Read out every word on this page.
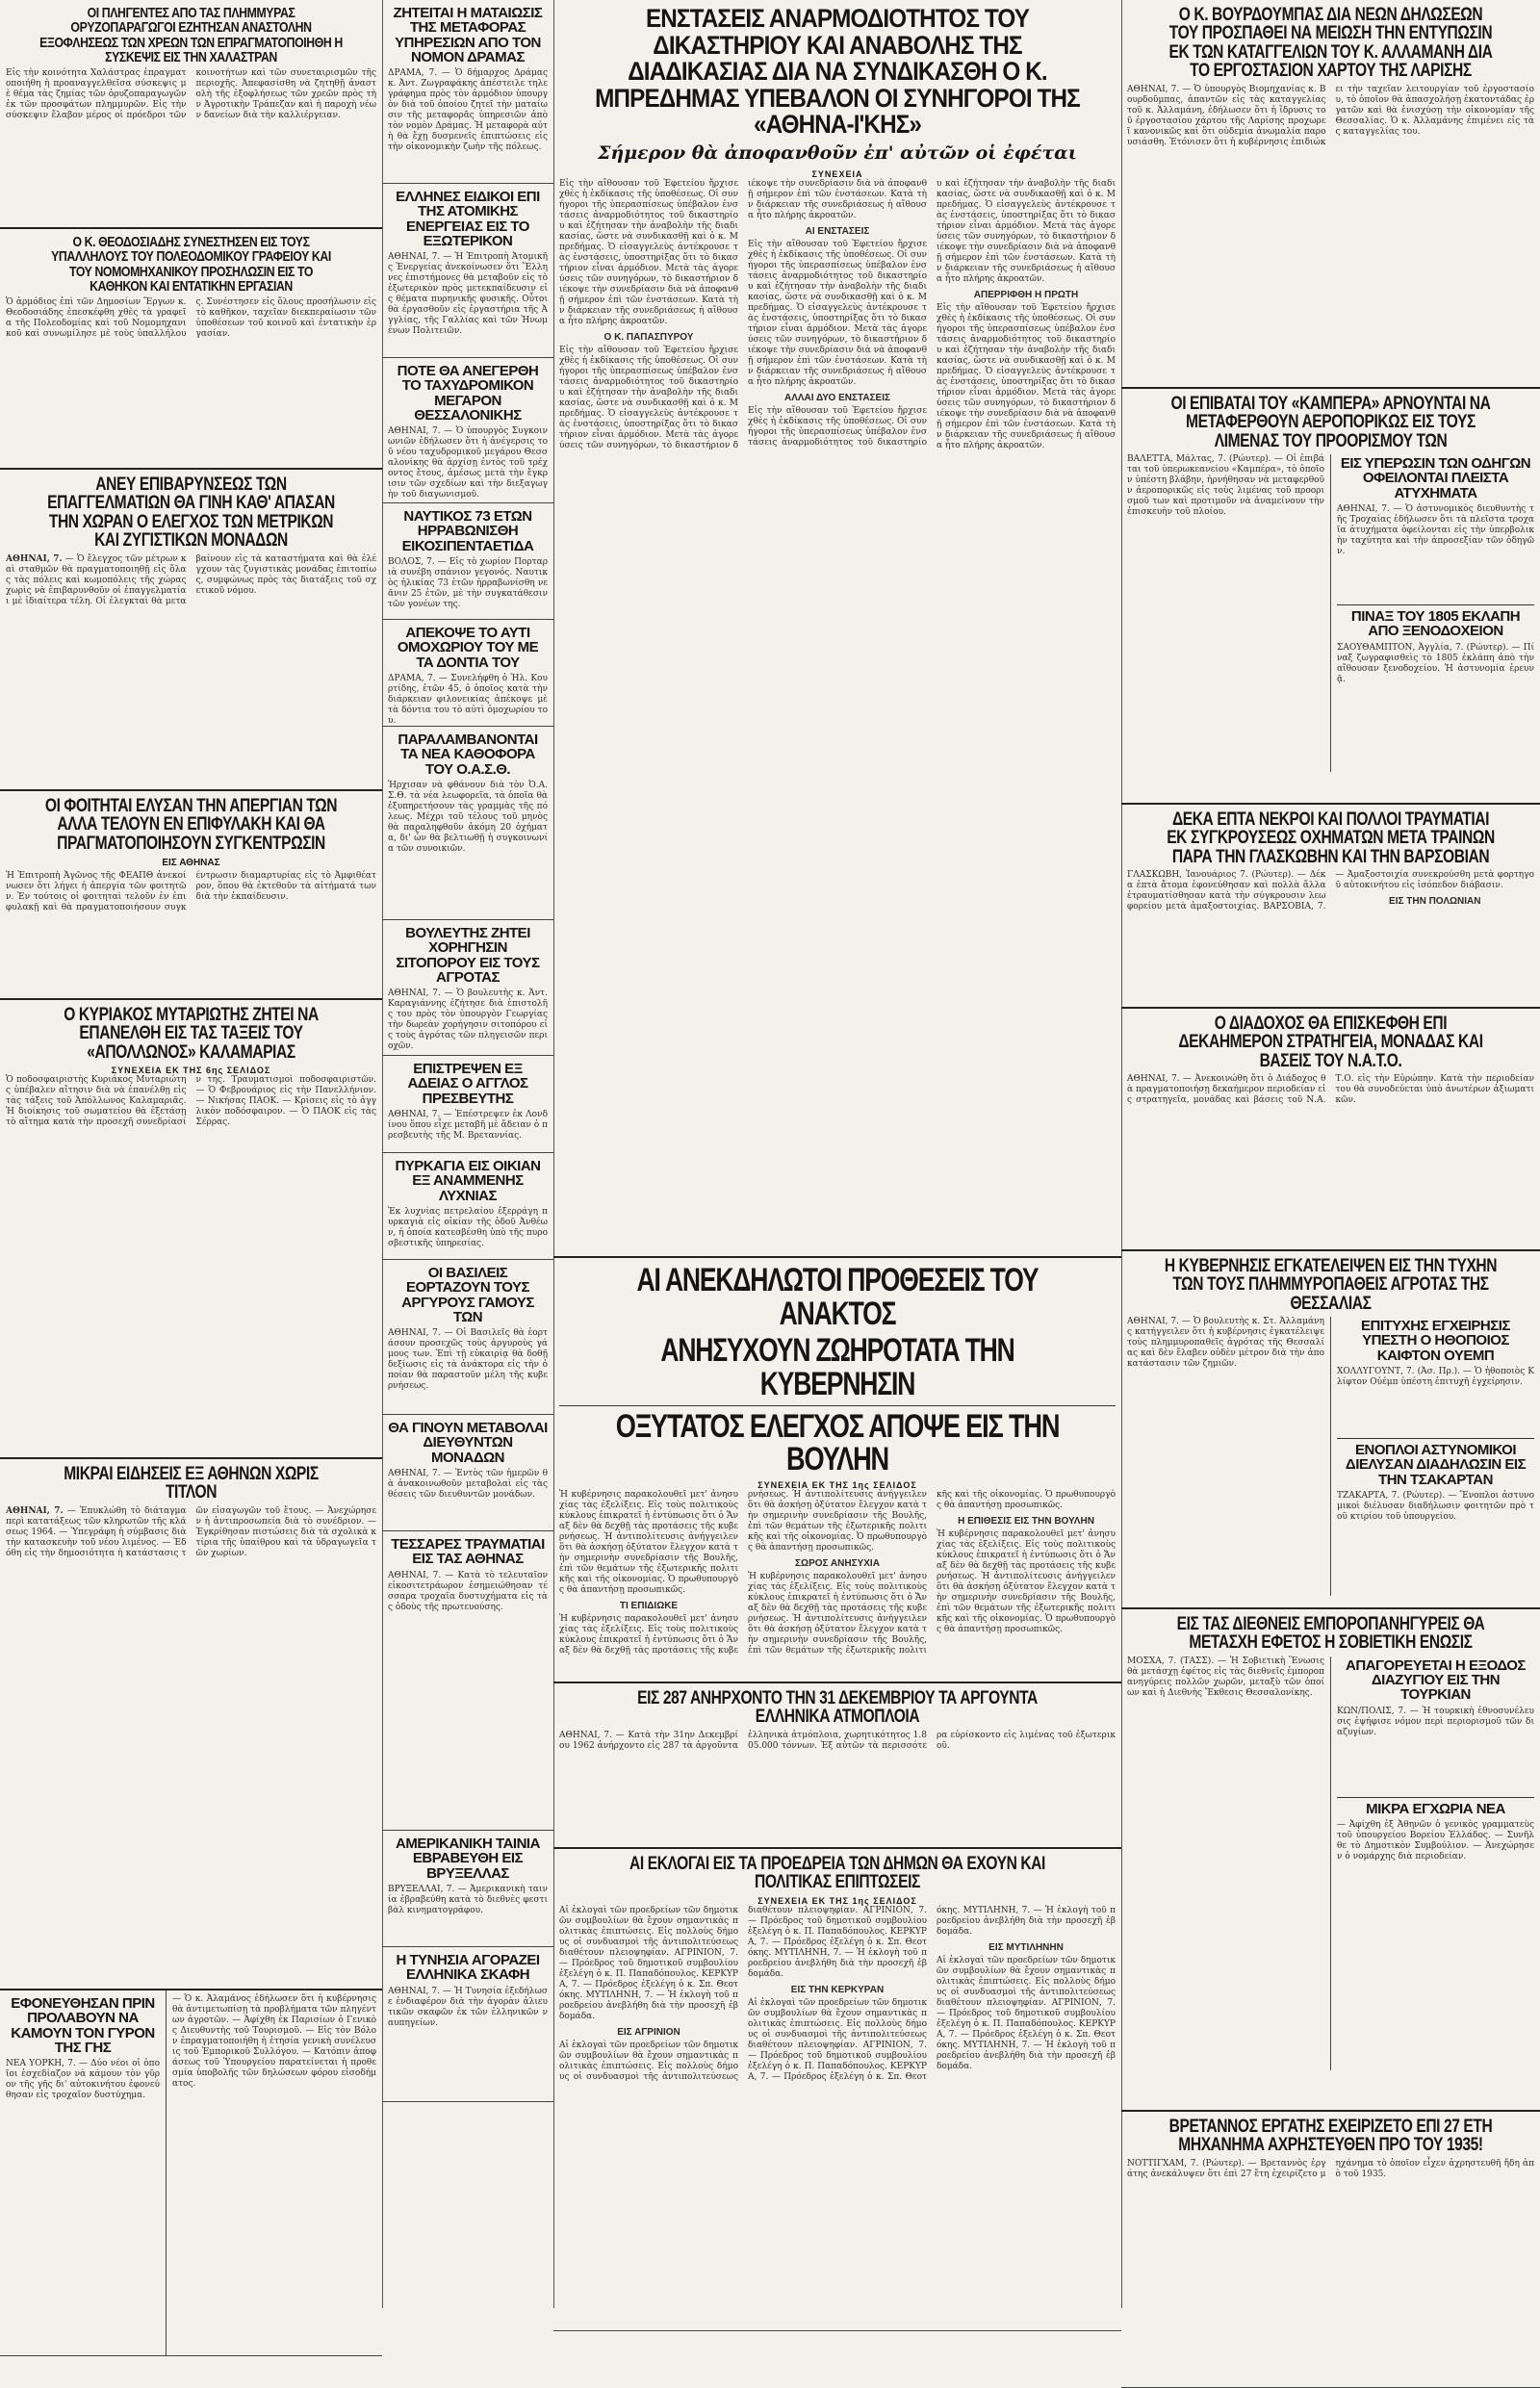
ΟΙ ΠΛΗΓΕΝΤΕΣ ΑΠΟ ΤΑΣ ΠΛΗΜΜΥΡΑΣ ΟΡΥΖΟΠΑΡΑΓΩΓΟΙ ΕΖΗΤΗΣΑΝ ΑΝΑΣΤΟΛΗΝ ΕΞΟΦΛΗΣΕΩΣ ΤΩΝ ΧΡΕΩΝ ΤΩΝ ΕΠΡΑΓΜΑΤΟΠΟΙΗΘΗ Η ΣΥΣΚΕΨΙΣ ΕΙΣ ΤΗΝ ΧΑΛΑΣΤΡΑΝ
Εἰς τὴν κοινότητα Χαλάστρας ἐπραγματοποιήθη ἡ προαναγγελθεῖσα σύσκεψις μὲ θέμα τὰς ζημίας τῶν ὀρυζοπαραγωγῶν ἐκ τῶν προσφάτων πλημμυρῶν. Εἰς τὴν σύσκεψιν ἔλαβον μέρος οἱ πρόεδροι τῶν κοινοτήτων καὶ τῶν συνεταιρισμῶν τῆς περιοχῆς. Ἀπεφασίσθη νὰ ζητηθῇ ἀναστολὴ τῆς ἐξοφλήσεως τῶν χρεῶν πρὸς τὴν Ἀγροτικὴν Τράπεζαν καὶ ἡ παροχὴ νέων δανείων διὰ τὴν καλλιέργειαν.
Ο Κ. ΘΕΟΔΟΣΙΑΔΗΣ ΣΥΝΕΣΤΗΣΕΝ ΕΙΣ ΤΟΥΣ ΥΠΑΛΛΗΛΟΥΣ ΤΟΥ ΠΟΛΕΟΔΟΜΙΚΟΥ ΓΡΑΦΕΙΟΥ ΚΑΙ ΤΟΥ ΝΟΜΟΜΗΧΑΝΙΚΟΥ ΠΡΟΣΗΛΩΣΙΝ ΕΙΣ ΤΟ ΚΑΘΗΚΟΝ ΚΑΙ ΕΝΤΑΤΙΚΗΝ ΕΡΓΑΣΙΑΝ
Ὁ ἀρμόδιος ἐπὶ τῶν Δημοσίων Ἔργων κ. Θεοδοσιάδης ἐπεσκέφθη χθὲς τὰ γραφεῖα τῆς Πολεοδομίας καὶ τοῦ Νομομηχανικοῦ καὶ συνωμίλησε μὲ τοὺς ὑπαλλήλους. Συνέστησεν εἰς ὅλους προσήλωσιν εἰς τὸ καθῆκον, ταχεῖαν διεκπεραίωσιν τῶν ὑποθέσεων τοῦ κοινοῦ καὶ ἐντατικὴν ἐργασίαν.
ΑΝΕΥ ΕΠΙΒΑΡΥΝΣΕΩΣ ΤΩΝ ΕΠΑΓΓΕΛΜΑΤΙΩΝ ΘΑ ΓΙΝΗ ΚΑΘ' ΑΠΑΣΑΝ ΤΗΝ ΧΩΡΑΝ Ο ΕΛΕΓΧΟΣ ΤΩΝ ΜΕΤΡΙΚΩΝ ΚΑΙ ΖΥΓΙΣΤΙΚΩΝ ΜΟΝΑΔΩΝ
ΑΘΗΝΑΙ, 7. — Ὁ ἔλεγχος τῶν μέτρων καὶ σταθμῶν θὰ πραγματοποιηθῇ εἰς ὅλας τὰς πόλεις καὶ κωμοπόλεις τῆς χώρας χωρὶς νὰ ἐπιβαρυνθοῦν οἱ ἐπαγγελματίαι μὲ ἰδιαίτερα τέλη. Οἱ ἐλεγκταὶ θὰ μεταβαίνουν εἰς τὰ καταστήματα καὶ θὰ ἐλέγχουν τὰς ζυγιστικὰς μονάδας ἐπιτοπίως, συμφώνως πρὸς τὰς διατάξεις τοῦ σχετικοῦ νόμου.
ΟΙ ΦΟΙΤΗΤΑΙ ΕΛΥΣΑΝ ΤΗΝ ΑΠΕΡΓΙΑΝ ΤΩΝ ΑΛΛΑ ΤΕΛΟΥΝ ΕΝ ΕΠΙΦΥΛΑΚΗ ΚΑΙ ΘΑ ΠΡΑΓΜΑΤΟΠΟΙΗΣΟΥΝ ΣΥΓΚΕΝΤΡΩΣΙΝ
ΕΙΣ ΑΘΗΝΑΣ
Ἡ Ἐπιτροπὴ Ἀγῶνος τῆς ΦΕΑΠΘ ἀνεκοίνωσεν ὅτι λήγει ἡ ἀπεργία τῶν φοιτητῶν. Ἐν τούτοις οἱ φοιτηταὶ τελοῦν ἐν ἐπιφυλακῇ καὶ θὰ πραγματοποιήσουν συγκέντρωσιν διαμαρτυρίας εἰς τὸ Ἀμφιθέατρον, ὅπου θὰ ἐκτεθοῦν τὰ αἰτήματά των διὰ τὴν ἐκπαίδευσιν.
Ο ΚΥΡΙΑΚΟΣ ΜΥΤΑΡΙΩΤΗΣ ΖΗΤΕΙ ΝΑ ΕΠΑΝΕΛΘΗ ΕΙΣ ΤΑΣ ΤΑΞΕΙΣ ΤΟΥ «ΑΠΟΛΛΩΝΟΣ» ΚΑΛΑΜΑΡΙΑΣ
ΣΥΝΕΧΕΙΑ ΕΚ ΤΗΣ 6ης ΣΕΛΙΔΟΣ
Ὁ ποδοσφαιριστὴς Κυριάκος Μυταριώτης ὑπέβαλεν αἴτησιν διὰ νὰ ἐπανέλθῃ εἰς τὰς τάξεις τοῦ Ἀπόλλωνος Καλαμαριᾶς. Ἡ διοίκησις τοῦ σωματείου θὰ ἐξετάσῃ τὸ αἴτημα κατὰ τὴν προσεχῆ συνεδρίασίν της. Τραυματισμοὶ ποδοσφαιριστῶν. — Ὁ Φεβρουάριος εἰς τὴν Πανελλήνιον. — Νικήσας ΠΑΟΚ. — Κρίσεις εἰς τὸ ἀγγλικὸν ποδόσφαιρον. — Ὁ ΠΑΟΚ εἰς τὰς Σέρρας.
ΜΙΚΡΑΙ ΕΙΔΗΣΕΙΣ ΕΞ ΑΘΗΝΩΝ ΧΩΡΙΣ ΤΙΤΛΟΝ
ΑΘΗΝΑΙ, 7. — Ἐπυκλώθη τὸ διάταγμα περὶ κατατάξεως τῶν κληρωτῶν τῆς κλάσεως 1964. — Ὑπεγράφη ἡ σύμβασις διὰ τὴν κατασκευὴν τοῦ νέου λιμένος. — Ἐδόθη εἰς τὴν δημοσιότητα ἡ κατάστασις τῶν εἰσαγωγῶν τοῦ ἔτους. — Ἀνεχώρησεν ἡ ἀντιπροσωπεία διὰ τὸ συνέδριον. — Ἐγκρίθησαν πιστώσεις διὰ τὰ σχολικὰ κτίρια τῆς ὑπαίθρου καὶ τὰ ὑδραγωγεῖα τῶν χωρίων.
ΕΦΟΝΕΥΘΗΣΑΝ ΠΡΙΝ ΠΡΟΛΑΒΟΥΝ ΝΑ ΚΑΜΟΥΝ ΤΟΝ ΓΥΡΟΝ ΤΗΣ ΓΗΣ
ΝΕΑ ΥΟΡΚΗ, 7. — Δύο νέοι οἱ ὁποῖοι ἐσχεδίαζον νὰ κάμουν τὸν γῦρον τῆς γῆς δι' αὐτοκινήτου ἐφονεύθησαν εἰς τροχαῖον δυστύχημα.
— Ὁ κ. Ἀλαμάνος ἐδήλωσεν ὅτι ἡ κυβέρνησις θὰ ἀντιμετωπίσῃ τὰ προβλήματα τῶν πληγέντων ἀγροτῶν. — Ἀφίχθη ἐκ Παρισίων ὁ Γενικὸς Διευθυντὴς τοῦ Τουρισμοῦ. — Εἰς τὸν Βόλον ἐπραγματοποιήθη ἡ ἐτησία γενικὴ συνέλευσις τοῦ Ἐμπορικοῦ Συλλόγου. — Κατόπιν ἀποφάσεως τοῦ Ὑπουργείου παρατείνεται ἡ προθεσμία ὑποβολῆς τῶν δηλώσεων φόρου εἰσοδήματος.
ΖΗΤΕΙΤΑΙ Η ΜΑΤΑΙΩΣΙΣ ΤΗΣ ΜΕΤΑΦΟΡΑΣ ΥΠΗΡΕΣΙΩΝ ΑΠΟ ΤΟΝ ΝΟΜΟΝ ΔΡΑΜΑΣ
ΔΡΑΜΑ, 7. — Ὁ δήμαρχος Δράμας κ. Ἀντ. Ζωγραφάκης ἀπέστειλε τηλεγράφημα πρὸς τὸν ἀρμόδιον ὑπουργὸν διὰ τοῦ ὁποίου ζητεῖ τὴν ματαίωσιν τῆς μεταφορᾶς ὑπηρεσιῶν ἀπὸ τὸν νομὸν Δράμας. Ἡ μεταφορὰ αὐτὴ θὰ ἔχῃ δυσμενεῖς ἐπιπτώσεις εἰς τὴν οἰκονομικὴν ζωὴν τῆς πόλεως.
ΕΛΛΗΝΕΣ ΕΙΔΙΚΟΙ ΕΠΙ ΤΗΣ ΑΤΟΜΙΚΗΣ ΕΝΕΡΓΕΙΑΣ ΕΙΣ ΤΟ ΕΞΩΤΕΡΙΚΟΝ
ΑΘΗΝΑΙ, 7. — Ἡ Ἐπιτροπὴ Ἀτομικῆς Ἐνεργείας ἀνεκοίνωσεν ὅτι Ἕλληνες ἐπιστήμονες θὰ μεταβοῦν εἰς τὸ ἐξωτερικὸν πρὸς μετεκπαίδευσιν εἰς θέματα πυρηνικῆς φυσικῆς. Οὗτοι θὰ ἐργασθοῦν εἰς ἐργαστήρια τῆς Ἀγγλίας, τῆς Γαλλίας καὶ τῶν Ἡνωμένων Πολιτειῶν.
ΠΟΤΕ ΘΑ ΑΝΕΓΕΡΘΗ ΤΟ ΤΑΧΥΔΡΟΜΙΚΟΝ ΜΕΓΑΡΟΝ ΘΕΣΣΑΛΟΝΙΚΗΣ
ΑΘΗΝΑΙ, 7. — Ὁ ὑπουργὸς Συγκοινωνιῶν ἐδήλωσεν ὅτι ἡ ἀνέγερσις τοῦ νέου ταχυδρομικοῦ μεγάρου Θεσσαλονίκης θὰ ἀρχίσῃ ἐντὸς τοῦ τρέχοντος ἔτους, ἀμέσως μετὰ τὴν ἔγκρισιν τῶν σχεδίων καὶ τὴν διεξαγωγὴν τοῦ διαγωνισμοῦ.
ΝΑΥΤΙΚΟΣ 73 ΕΤΩΝ ΗΡΡΑΒΩΝΙΣΘΗ ΕΙΚΟΣΙΠΕΝΤΑΕΤΙΔΑ
ΒΟΛΟΣ, 7. — Εἰς τὸ χωρίον Πορταριὰ συνέβη σπάνιον γεγονός. Ναυτικὸς ἡλικίας 73 ἐτῶν ἠρραβωνίσθη νεᾶνιν 25 ἐτῶν, μὲ τὴν συγκατάθεσιν τῶν γονέων της.
ΑΠΕΚΟΨΕ ΤΟ ΑΥΤΙ ΟΜΟΧΩΡΙΟΥ ΤΟΥ ΜΕ ΤΑ ΔΟΝΤΙΑ ΤΟΥ
ΔΡΑΜΑ, 7. — Συνελήφθη ὁ Ἠλ. Κουρτίδης, ἐτῶν 45, ὁ ὁποῖος κατὰ τὴν διάρκειαν φιλονεικίας ἀπέκοψε μὲ τὰ δόντια του τὸ αὐτὶ ὁμοχωρίου του.
ΠΑΡΑΛΑΜΒΑΝΟΝΤΑΙ ΤΑ ΝΕΑ ΚΑΘΟΦΟΡΑ ΤΟΥ Ο.Α.Σ.Θ.
Ἠρχισαν νὰ φθάνουν διὰ τὸν Ὀ.Α.Σ.Θ. τὰ νέα λεωφορεῖα, τὰ ὁποῖα θὰ ἐξυπηρετήσουν τὰς γραμμὰς τῆς πόλεως. Μέχρι τοῦ τέλους τοῦ μηνὸς θὰ παραληφθοῦν ἀκόμη 20 ὀχήματα, δι' ὧν θὰ βελτιωθῇ ἡ συγκοινωνία τῶν συνοικιῶν.
ΒΟΥΛΕΥΤΗΣ ΖΗΤΕΙ ΧΟΡΗΓΗΣΙΝ ΣΙΤΟΠΟΡΟΥ ΕΙΣ ΤΟΥΣ ΑΓΡΟΤΑΣ
ΑΘΗΝΑΙ, 7. — Ὁ βουλευτὴς κ. Ἀντ. Καραγιάννης ἐζήτησε διὰ ἐπιστολῆς του πρὸς τὸν ὑπουργὸν Γεωργίας τὴν δωρεὰν χορήγησιν σιτοπόρου εἰς τοὺς ἀγρότας τῶν πληγεισῶν περιοχῶν.
ΕΠΙΣΤΡΕΨΕΝ ΕΞ ΑΔΕΙΑΣ Ο ΑΓΓΛΟΣ ΠΡΕΣΒΕΥΤΗΣ
ΑΘΗΝΑΙ, 7. — Ἐπέστρεψεν ἐκ Λονδίνου ὅπου εἶχε μεταβῆ μὲ ἄδειαν ὁ πρεσβευτὴς τῆς Μ. Βρεταννίας.
ΠΥΡΚΑΓΙΑ ΕΙΣ ΟΙΚΙΑΝ ΕΞ ΑΝΑΜΜΕΝΗΣ ΛΥΧΝΙΑΣ
Ἐκ λυχνίας πετρελαίου ἐξερράγη πυρκαγιὰ εἰς οἰκίαν τῆς ὁδοῦ Ἀνθέων, ἡ ὁποία κατεσβέσθη ὑπὸ τῆς πυροσβεστικῆς ὑπηρεσίας.
ΟΙ ΒΑΣΙΛΕΙΣ ΕΟΡΤΑΖΟΥΝ ΤΟΥΣ ΑΡΓΥΡΟΥΣ ΓΑΜΟΥΣ ΤΩΝ
ΑΘΗΝΑΙ, 7. — Οἱ Βασιλεῖς θὰ ἑορτάσουν προσεχῶς τοὺς ἀργυροὺς γάμους των. Ἐπὶ τῇ εὐκαιρίᾳ θὰ δοθῇ δεξίωσις εἰς τὰ ἀνάκτορα εἰς τὴν ὁποίαν θὰ παραστοῦν μέλη τῆς κυβερνήσεως.
ΘΑ ΓΙΝΟΥΝ ΜΕΤΑΒΟΛΑΙ ΔΙΕΥΘΥΝΤΩΝ ΜΟΝΑΔΩΝ
ΑΘΗΝΑΙ, 7. — Ἐντὸς τῶν ἡμερῶν θὰ ἀνακοινωθοῦν μεταβολαὶ εἰς τὰς θέσεις τῶν διευθυντῶν μονάδων.
ΤΕΣΣΑΡΕΣ ΤΡΑΥΜΑΤΙΑΙ ΕΙΣ ΤΑΣ ΑΘΗΝΑΣ
ΑΘΗΝΑΙ, 7. — Κατὰ τὸ τελευταῖον εἰκοσιτετράωρον ἐσημειώθησαν τέσσαρα τροχαῖα δυστυχήματα εἰς τὰς ὁδοὺς τῆς πρωτευούσης.
ΑΜΕΡΙΚΑΝΙΚΗ ΤΑΙΝΙΑ ΕΒΡΑΒΕΥΘΗ ΕΙΣ ΒΡΥΞΕΛΛΑΣ
ΒΡΥΞΕΛΛΑΙ, 7. — Ἀμερικανικὴ ταινία ἐβραβεύθη κατὰ τὸ διεθνὲς φεστιβὰλ κινηματογράφου.
Η ΤΥΝΗΣΙΑ ΑΓΟΡΑΖΕΙ ΕΛΛΗΝΙΚΑ ΣΚΑΦΗ
ΑΘΗΝΑΙ, 7. — Ἡ Τυνησία ἐξεδήλωσε ἐνδιαφέρον διὰ τὴν ἀγορὰν ἁλιευτικῶν σκαφῶν ἐκ τῶν ἑλληνικῶν ναυπηγείων.
ΕΝΣΤΑΣΕΙΣ ΑΝΑΡΜΟΔΙΟΤΗΤΟΣ ΤΟΥ ΔΙΚΑΣΤΗΡΙΟΥ ΚΑΙ ΑΝΑΒΟΛΗΣ ΤΗΣ ΔΙΑΔΙΚΑΣΙΑΣ ΔΙΑ ΝΑ ΣΥΝΔΙΚΑΣΘΗ Ο Κ. ΜΠΡΕΔΗΜΑΣ ΥΠΕΒΑΛΟΝ ΟΙ ΣΥΝΗΓΟΡΟΙ ΤΗΣ «ΑΘΗΝΑ-Ι'ΚΗΣ»
Σήμερον θὰ ἀποφανθοῦν ἐπ' αὐτῶν οἱ ἐφέται
ΣΥΝΕΧΕΙΑ
Εἰς τὴν αἴθουσαν τοῦ Ἐφετείου ἤρχισε χθὲς ἡ ἐκδίκασις τῆς ὑποθέσεως. Οἱ συνήγοροι τῆς ὑπερασπίσεως ὑπέβαλον ἐνστάσεις ἀναρμοδιότητος τοῦ δικαστηρίου καὶ ἐζήτησαν τὴν ἀναβολὴν τῆς διαδικασίας, ὥστε νὰ συνδικασθῇ καὶ ὁ κ. Μπρεδήμας. Ὁ εἰσαγγελεὺς ἀντέκρουσε τὰς ἐνστάσεις, ὑποστηρίξας ὅτι τὸ δικαστήριον εἶναι ἁρμόδιον. Μετὰ τὰς ἀγορεύσεις τῶν συνηγόρων, τὸ δικαστήριον διέκοψε τὴν συνεδρίασιν διὰ νὰ ἀποφανθῇ σήμερον ἐπὶ τῶν ἐνστάσεων. Κατὰ τὴν διάρκειαν τῆς συνεδριάσεως ἡ αἴθουσα ἦτο πλήρης ἀκροατῶν.
Ο Κ. ΠΑΠΑΣΠΥΡΟΥ
Εἰς τὴν αἴθουσαν τοῦ Ἐφετείου ἤρχισε χθὲς ἡ ἐκδίκασις τῆς ὑποθέσεως. Οἱ συνήγοροι τῆς ὑπερασπίσεως ὑπέβαλον ἐνστάσεις ἀναρμοδιότητος τοῦ δικαστηρίου καὶ ἐζήτησαν τὴν ἀναβολὴν τῆς διαδικασίας, ὥστε νὰ συνδικασθῇ καὶ ὁ κ. Μπρεδήμας. Ὁ εἰσαγγελεὺς ἀντέκρουσε τὰς ἐνστάσεις, ὑποστηρίξας ὅτι τὸ δικαστήριον εἶναι ἁρμόδιον. Μετὰ τὰς ἀγορεύσεις τῶν συνηγόρων, τὸ δικαστήριον διέκοψε τὴν συνεδρίασιν διὰ νὰ ἀποφανθῇ σήμερον ἐπὶ τῶν ἐνστάσεων. Κατὰ τὴν διάρκειαν τῆς συνεδριάσεως ἡ αἴθουσα ἦτο πλήρης ἀκροατῶν.
ΑΙ ΕΝΣΤΑΣΕΙΣ
Εἰς τὴν αἴθουσαν τοῦ Ἐφετείου ἤρχισε χθὲς ἡ ἐκδίκασις τῆς ὑποθέσεως. Οἱ συνήγοροι τῆς ὑπερασπίσεως ὑπέβαλον ἐνστάσεις ἀναρμοδιότητος τοῦ δικαστηρίου καὶ ἐζήτησαν τὴν ἀναβολὴν τῆς διαδικασίας, ὥστε νὰ συνδικασθῇ καὶ ὁ κ. Μπρεδήμας. Ὁ εἰσαγγελεὺς ἀντέκρουσε τὰς ἐνστάσεις, ὑποστηρίξας ὅτι τὸ δικαστήριον εἶναι ἁρμόδιον. Μετὰ τὰς ἀγορεύσεις τῶν συνηγόρων, τὸ δικαστήριον διέκοψε τὴν συνεδρίασιν διὰ νὰ ἀποφανθῇ σήμερον ἐπὶ τῶν ἐνστάσεων. Κατὰ τὴν διάρκειαν τῆς συνεδριάσεως ἡ αἴθουσα ἦτο πλήρης ἀκροατῶν.
ΑΛΛΑΙ ΔΥΟ ΕΝΣΤΑΣΕΙΣ
Εἰς τὴν αἴθουσαν τοῦ Ἐφετείου ἤρχισε χθὲς ἡ ἐκδίκασις τῆς ὑποθέσεως. Οἱ συνήγοροι τῆς ὑπερασπίσεως ὑπέβαλον ἐνστάσεις ἀναρμοδιότητος τοῦ δικαστηρίου καὶ ἐζήτησαν τὴν ἀναβολὴν τῆς διαδικασίας, ὥστε νὰ συνδικασθῇ καὶ ὁ κ. Μπρεδήμας. Ὁ εἰσαγγελεὺς ἀντέκρουσε τὰς ἐνστάσεις, ὑποστηρίξας ὅτι τὸ δικαστήριον εἶναι ἁρμόδιον. Μετὰ τὰς ἀγορεύσεις τῶν συνηγόρων, τὸ δικαστήριον διέκοψε τὴν συνεδρίασιν διὰ νὰ ἀποφανθῇ σήμερον ἐπὶ τῶν ἐνστάσεων. Κατὰ τὴν διάρκειαν τῆς συνεδριάσεως ἡ αἴθουσα ἦτο πλήρης ἀκροατῶν.
ΑΠΕΡΡΙΦΘΗ Η ΠΡΩΤΗ
Εἰς τὴν αἴθουσαν τοῦ Ἐφετείου ἤρχισε χθὲς ἡ ἐκδίκασις τῆς ὑποθέσεως. Οἱ συνήγοροι τῆς ὑπερασπίσεως ὑπέβαλον ἐνστάσεις ἀναρμοδιότητος τοῦ δικαστηρίου καὶ ἐζήτησαν τὴν ἀναβολὴν τῆς διαδικασίας, ὥστε νὰ συνδικασθῇ καὶ ὁ κ. Μπρεδήμας. Ὁ εἰσαγγελεὺς ἀντέκρουσε τὰς ἐνστάσεις, ὑποστηρίξας ὅτι τὸ δικαστήριον εἶναι ἁρμόδιον. Μετὰ τὰς ἀγορεύσεις τῶν συνηγόρων, τὸ δικαστήριον διέκοψε τὴν συνεδρίασιν διὰ νὰ ἀποφανθῇ σήμερον ἐπὶ τῶν ἐνστάσεων. Κατὰ τὴν διάρκειαν τῆς συνεδριάσεως ἡ αἴθουσα ἦτο πλήρης ἀκροατῶν.
ΑΙ ΑΝΕΚΔΗΛΩΤΟΙ ΠΡΟΘΕΣΕΙΣ ΤΟΥ ΑΝΑΚΤΟΣ
ΑΝΗΣΥΧΟΥΝ ΖΩΗΡΟΤΑΤΑ ΤΗΝ ΚΥΒΕΡΝΗΣΙΝ
ΟΞΥΤΑΤΟΣ ΕΛΕΓΧΟΣ ΑΠΟΨΕ ΕΙΣ ΤΗΝ ΒΟΥΛΗΝ
ΣΥΝΕΧΕΙΑ ΕΚ ΤΗΣ 1ης ΣΕΛΙΔΟΣ
Ἡ κυβέρνησις παρακολουθεῖ μετ' ἀνησυχίας τὰς ἐξελίξεις. Εἰς τοὺς πολιτικοὺς κύκλους ἐπικρατεῖ ἡ ἐντύπωσις ὅτι ὁ Ἄναξ δὲν θὰ δεχθῇ τὰς προτάσεις τῆς κυβερνήσεως. Ἡ ἀντιπολίτευσις ἀνήγγειλεν ὅτι θὰ ἀσκήσῃ ὀξύτατον ἔλεγχον κατὰ τὴν σημερινὴν συνεδρίασιν τῆς Βουλῆς, ἐπὶ τῶν θεμάτων τῆς ἐξωτερικῆς πολιτικῆς καὶ τῆς οἰκονομίας. Ὁ πρωθυπουργὸς θὰ ἀπαντήσῃ προσωπικῶς.
ΤΙ ΕΠΙΔΙΩΚΕ
Ἡ κυβέρνησις παρακολουθεῖ μετ' ἀνησυχίας τὰς ἐξελίξεις. Εἰς τοὺς πολιτικοὺς κύκλους ἐπικρατεῖ ἡ ἐντύπωσις ὅτι ὁ Ἄναξ δὲν θὰ δεχθῇ τὰς προτάσεις τῆς κυβερνήσεως. Ἡ ἀντιπολίτευσις ἀνήγγειλεν ὅτι θὰ ἀσκήσῃ ὀξύτατον ἔλεγχον κατὰ τὴν σημερινὴν συνεδρίασιν τῆς Βουλῆς, ἐπὶ τῶν θεμάτων τῆς ἐξωτερικῆς πολιτικῆς καὶ τῆς οἰκονομίας. Ὁ πρωθυπουργὸς θὰ ἀπαντήσῃ προσωπικῶς.
ΣΩΡΟΣ ΑΝΗΣΥΧΙΑ
Ἡ κυβέρνησις παρακολουθεῖ μετ' ἀνησυχίας τὰς ἐξελίξεις. Εἰς τοὺς πολιτικοὺς κύκλους ἐπικρατεῖ ἡ ἐντύπωσις ὅτι ὁ Ἄναξ δὲν θὰ δεχθῇ τὰς προτάσεις τῆς κυβερνήσεως. Ἡ ἀντιπολίτευσις ἀνήγγειλεν ὅτι θὰ ἀσκήσῃ ὀξύτατον ἔλεγχον κατὰ τὴν σημερινὴν συνεδρίασιν τῆς Βουλῆς, ἐπὶ τῶν θεμάτων τῆς ἐξωτερικῆς πολιτικῆς καὶ τῆς οἰκονομίας. Ὁ πρωθυπουργὸς θὰ ἀπαντήσῃ προσωπικῶς.
Η ΕΠΙΘΕΣΙΣ ΕΙΣ ΤΗΝ ΒΟΥΛΗΝ
Ἡ κυβέρνησις παρακολουθεῖ μετ' ἀνησυχίας τὰς ἐξελίξεις. Εἰς τοὺς πολιτικοὺς κύκλους ἐπικρατεῖ ἡ ἐντύπωσις ὅτι ὁ Ἄναξ δὲν θὰ δεχθῇ τὰς προτάσεις τῆς κυβερνήσεως. Ἡ ἀντιπολίτευσις ἀνήγγειλεν ὅτι θὰ ἀσκήσῃ ὀξύτατον ἔλεγχον κατὰ τὴν σημερινὴν συνεδρίασιν τῆς Βουλῆς, ἐπὶ τῶν θεμάτων τῆς ἐξωτερικῆς πολιτικῆς καὶ τῆς οἰκονομίας. Ὁ πρωθυπουργὸς θὰ ἀπαντήσῃ προσωπικῶς.
ΕΙΣ 287 ΑΝΗΡΧΟΝΤΟ ΤΗΝ 31 ΔΕΚΕΜΒΡΙΟΥ ΤΑ ΑΡΓΟΥΝΤΑ ΕΛΛΗΝΙΚΑ ΑΤΜΟΠΛΟΙΑ
ΑΘΗΝΑΙ, 7. — Κατὰ τὴν 31ην Δεκεμβρίου 1962 ἀνήρχοντο εἰς 287 τὰ ἀργοῦντα ἑλληνικὰ ἀτμόπλοια, χωρητικότητος 1.805.000 τόννων. Ἐξ αὐτῶν τὰ περισσότερα εὑρίσκοντο εἰς λιμένας τοῦ ἐξωτερικοῦ.
ΑΙ ΕΚΛΟΓΑΙ ΕΙΣ ΤΑ ΠΡΟΕΔΡΕΙΑ ΤΩΝ ΔΗΜΩΝ ΘΑ ΕΧΟΥΝ ΚΑΙ ΠΟΛΙΤΙΚΑΣ ΕΠΙΠΤΩΣΕΙΣ
ΣΥΝΕΧΕΙΑ ΕΚ ΤΗΣ 1ης ΣΕΛΙΔΟΣ
Αἱ ἐκλογαὶ τῶν προεδρείων τῶν δημοτικῶν συμβουλίων θὰ ἔχουν σημαντικὰς πολιτικὰς ἐπιπτώσεις. Εἰς πολλοὺς δήμους οἱ συνδυασμοὶ τῆς ἀντιπολιτεύσεως διαθέτουν πλειοψηφίαν. ΑΓΡΙΝΙΟΝ, 7. — Πρόεδρος τοῦ δημοτικοῦ συμβουλίου ἐξελέγη ὁ κ. Π. Παπαδόπουλος. ΚΕΡΚΥΡΑ, 7. — Πρόεδρος ἐξελέγη ὁ κ. Σπ. Θεοτόκης. ΜΥΤΙΛΗΝΗ, 7. — Ἡ ἐκλογὴ τοῦ προεδρείου ἀνεβλήθη διὰ τὴν προσεχῆ ἑβδομάδα.
ΕΙΣ ΑΓΡΙΝΙΟΝ
Αἱ ἐκλογαὶ τῶν προεδρείων τῶν δημοτικῶν συμβουλίων θὰ ἔχουν σημαντικὰς πολιτικὰς ἐπιπτώσεις. Εἰς πολλοὺς δήμους οἱ συνδυασμοὶ τῆς ἀντιπολιτεύσεως διαθέτουν πλειοψηφίαν. ΑΓΡΙΝΙΟΝ, 7. — Πρόεδρος τοῦ δημοτικοῦ συμβουλίου ἐξελέγη ὁ κ. Π. Παπαδόπουλος. ΚΕΡΚΥΡΑ, 7. — Πρόεδρος ἐξελέγη ὁ κ. Σπ. Θεοτόκης. ΜΥΤΙΛΗΝΗ, 7. — Ἡ ἐκλογὴ τοῦ προεδρείου ἀνεβλήθη διὰ τὴν προσεχῆ ἑβδομάδα.
ΕΙΣ ΤΗΝ ΚΕΡΚΥΡΑΝ
Αἱ ἐκλογαὶ τῶν προεδρείων τῶν δημοτικῶν συμβουλίων θὰ ἔχουν σημαντικὰς πολιτικὰς ἐπιπτώσεις. Εἰς πολλοὺς δήμους οἱ συνδυασμοὶ τῆς ἀντιπολιτεύσεως διαθέτουν πλειοψηφίαν. ΑΓΡΙΝΙΟΝ, 7. — Πρόεδρος τοῦ δημοτικοῦ συμβουλίου ἐξελέγη ὁ κ. Π. Παπαδόπουλος. ΚΕΡΚΥΡΑ, 7. — Πρόεδρος ἐξελέγη ὁ κ. Σπ. Θεοτόκης. ΜΥΤΙΛΗΝΗ, 7. — Ἡ ἐκλογὴ τοῦ προεδρείου ἀνεβλήθη διὰ τὴν προσεχῆ ἑβδομάδα.
ΕΙΣ ΜΥΤΙΛΗΝΗΝ
Αἱ ἐκλογαὶ τῶν προεδρείων τῶν δημοτικῶν συμβουλίων θὰ ἔχουν σημαντικὰς πολιτικὰς ἐπιπτώσεις. Εἰς πολλοὺς δήμους οἱ συνδυασμοὶ τῆς ἀντιπολιτεύσεως διαθέτουν πλειοψηφίαν. ΑΓΡΙΝΙΟΝ, 7. — Πρόεδρος τοῦ δημοτικοῦ συμβουλίου ἐξελέγη ὁ κ. Π. Παπαδόπουλος. ΚΕΡΚΥΡΑ, 7. — Πρόεδρος ἐξελέγη ὁ κ. Σπ. Θεοτόκης. ΜΥΤΙΛΗΝΗ, 7. — Ἡ ἐκλογὴ τοῦ προεδρείου ἀνεβλήθη διὰ τὴν προσεχῆ ἑβδομάδα.
Ο Κ. ΒΟΥΡΔΟΥΜΠΑΣ ΔΙΑ ΝΕΩΝ ΔΗΛΩΣΕΩΝ ΤΟΥ ΠΡΟΣΠΑΘΕΙ ΝΑ ΜΕΙΩΣΗ ΤΗΝ ΕΝΤΥΠΩΣΙΝ ΕΚ ΤΩΝ ΚΑΤΑΓΓΕΛΙΩΝ ΤΟΥ Κ. ΑΛΛΑΜΑΝΗ ΔΙΑ ΤΟ ΕΡΓΟΣΤΑΣΙΟΝ ΧΑΡΤΟΥ ΤΗΣ ΛΑΡΙΣΗΣ
ΑΘΗΝΑΙ, 7. — Ὁ ὑπουργὸς Βιομηχανίας κ. Βουρδοῦμπας, ἀπαντῶν εἰς τὰς καταγγελίας τοῦ κ. Ἀλλαμάνη, ἐδήλωσεν ὅτι ἡ ἵδρυσις τοῦ ἐργοστασίου χάρτου τῆς Λαρίσης προχωρεῖ κανονικῶς καὶ ὅτι οὐδεμία ἀνωμαλία παρουσιάσθη. Ἐτόνισεν ὅτι ἡ κυβέρνησις ἐπιδιώκει τὴν ταχεῖαν λειτουργίαν τοῦ ἐργοστασίου, τὸ ὁποῖον θὰ ἀπασχολήσῃ ἑκατοντάδας ἐργατῶν καὶ θὰ ἐνισχύσῃ τὴν οἰκονομίαν τῆς Θεσσαλίας. Ὁ κ. Ἀλλαμάνης ἐπιμένει εἰς τὰς καταγγελίας του.
ΟΙ ΕΠΙΒΑΤΑΙ ΤΟΥ «ΚΑΜΠΕΡΑ» ΑΡΝΟΥΝΤΑΙ ΝΑ ΜΕΤΑΦΕΡΘΟΥΝ ΑΕΡΟΠΟΡΙΚΩΣ ΕΙΣ ΤΟΥΣ ΛΙΜΕΝΑΣ ΤΟΥ ΠΡΟΟΡΙΣΜΟΥ ΤΩΝ
ΒΑΛΕΤΤΑ, Μάλτας, 7. (Ρώυτερ). — Οἱ ἐπιβάται τοῦ ὑπερωκεανείου «Καμπέρα», τὸ ὁποῖον ὑπέστη βλάβην, ἠρνήθησαν νὰ μεταφερθοῦν ἀεροπορικῶς εἰς τοὺς λιμένας τοῦ προορισμοῦ των καὶ προτιμοῦν νὰ ἀναμείνουν τὴν ἐπισκευὴν τοῦ πλοίου.
ΕΙΣ ΥΠΕΡΩΣΙΝ ΤΩΝ ΟΔΗΓΩΝ ΟΦΕΙΛΟΝΤΑΙ ΠΛΕΙΣΤΑ ΑΤΥΧΗΜΑΤΑ
ΑΘΗΝΑΙ, 7. — Ὁ ἀστυνομικὸς διευθυντὴς τῆς Τροχαίας ἐδήλωσεν ὅτι τὰ πλεῖστα τροχαῖα ἀτυχήματα ὀφείλονται εἰς τὴν ὑπερβολικὴν ταχύτητα καὶ τὴν ἀπροσεξίαν τῶν ὀδηγῶν.
ΠΙΝΑΞ ΤΟΥ 1805 ΕΚΛΑΠΗ ΑΠΟ ΞΕΝΟΔΟΧΕΙΟΝ
ΣΑΟΥΘΑΜΠΤΟΝ, Ἀγγλία, 7. (Ρώυτερ). — Πίναξ ζωγραφισθεὶς τὸ 1805 ἐκλάπη ἀπὸ τὴν αἴθουσαν ξενοδοχείου. Ἡ ἀστυνομία ἐρευνᾷ.
ΔΕΚΑ ΕΠΤΑ ΝΕΚΡΟΙ ΚΑΙ ΠΟΛΛΟΙ ΤΡΑΥΜΑΤΙΑΙ ΕΚ ΣΥΓΚΡΟΥΣΕΩΣ ΟΧΗΜΑΤΩΝ ΜΕΤΑ ΤΡΑΙΝΩΝ ΠΑΡΑ ΤΗΝ ΓΛΑΣΚΩΒΗΝ ΚΑΙ ΤΗΝ ΒΑΡΣΟΒΙΑΝ
ΓΛΑΣΚΩΒΗ, Ἰανουάριος 7. (Ρώυτερ). — Δέκα ἑπτὰ ἄτομα ἐφονεύθησαν καὶ πολλὰ ἄλλα ἐτραυματίσθησαν κατὰ τὴν σύγκρουσιν λεωφορείου μετὰ ἀμαξοστοιχίας. ΒΑΡΣΟΒΙΑ, 7. — Ἀμαξοστοιχία συνεκρούσθη μετὰ φορτηγοῦ αὐτοκινήτου εἰς ἰσόπεδον διάβασιν.
ΕΙΣ ΤΗΝ ΠΟΛΩΝΙΑΝ
Ο ΔΙΑΔΟΧΟΣ ΘΑ ΕΠΙΣΚΕΦΘΗ ΕΠΙ ΔΕΚΑΗΜΕΡΟΝ ΣΤΡΑΤΗΓΕΙΑ, ΜΟΝΑΔΑΣ ΚΑΙ ΒΑΣΕΙΣ ΤΟΥ Ν.Α.Τ.Ο.
ΑΘΗΝΑΙ, 7. — Ἀνεκοινώθη ὅτι ὁ Διάδοχος θὰ πραγματοποιήσῃ δεκαήμερον περιοδείαν εἰς στρατηγεῖα, μονάδας καὶ βάσεις τοῦ Ν.Α.Τ.Ο. εἰς τὴν Εὐρώπην. Κατὰ τὴν περιοδείαν του θὰ συνοδεύεται ὑπὸ ἀνωτέρων ἀξιωματικῶν.
Η ΚΥΒΕΡΝΗΣΙΣ ΕΓΚΑΤΕΛΕΙΨΕΝ ΕΙΣ ΤΗΝ ΤΥΧΗΝ ΤΩΝ ΤΟΥΣ ΠΛΗΜΜΥΡΟΠΑΘΕΙΣ ΑΓΡΟΤΑΣ ΤΗΣ ΘΕΣΣΑΛΙΑΣ
ΑΘΗΝΑΙ, 7. — Ὁ βουλευτὴς κ. Στ. Ἀλλαμάνης κατήγγειλεν ὅτι ἡ κυβέρνησις ἐγκατέλειψε τοὺς πλημμυροπαθεῖς ἀγρότας τῆς Θεσσαλίας καὶ δὲν ἔλαβεν οὐδὲν μέτρον διὰ τὴν ἀποκατάστασιν τῶν ζημιῶν.
ΕΠΙΤΥΧΗΣ ΕΓΧΕΙΡΗΣΙΣ ΥΠΕΣΤΗ Ο ΗΘΟΠΟΙΟΣ ΚΑΙΦΤΟΝ ΟΥΕΜΠ
ΧΟΛΛΥΓΟΥΝΤ, 7. (Ἀσ. Πρ.). — Ὁ ἠθοποιὸς Κλίφτον Οὐέμπ ὑπέστη ἐπιτυχῆ ἐγχείρησιν.
ΕΝΟΠΛΟΙ ΑΣΤΥΝΟΜΙΚΟΙ ΔΙΕΛΥΣΑΝ ΔΙΑΔΗΛΩΣΙΝ ΕΙΣ ΤΗΝ ΤΣΑΚΑΡΤΑΝ
ΤΖΑΚΑΡΤΑ, 7. (Ρώυτερ). — Ἔνοπλοι ἀστυνομικοὶ διέλυσαν διαδήλωσιν φοιτητῶν πρὸ τοῦ κτιρίου τοῦ ὑπουργείου.
ΕΙΣ ΤΑΣ ΔΙΕΘΝΕΙΣ ΕΜΠΟΡΟΠΑΝΗΓΥΡΕΙΣ ΘΑ ΜΕΤΑΣΧΗ ΕΦΕΤΟΣ Η ΣΟΒΙΕΤΙΚΗ ΕΝΩΣΙΣ
ΜΟΣΧΑ, 7. (ΤΑΣΣ). — Ἡ Σοβιετικὴ Ἕνωσις θὰ μετάσχῃ ἐφέτος εἰς τὰς διεθνεῖς ἐμποροπανηγύρεις πολλῶν χωρῶν, μεταξὺ τῶν ὁποίων καὶ ἡ Διεθνὴς Ἔκθεσις Θεσσαλονίκης.
ΑΠΑΓΟΡΕΥΕΤΑΙ Η ΕΞΟΔΟΣ ΔΙΑΖΥΓΙΟΥ ΕΙΣ ΤΗΝ ΤΟΥΡΚΙΑΝ
ΚΩΝ/ΠΟΛΙΣ, 7. — Ἡ τουρκικὴ ἐθνοσυνέλευσις ἐψήφισε νόμον περὶ περιορισμοῦ τῶν διαζυγίων.
ΜΙΚΡΑ ΕΓΧΩΡΙΑ ΝΕΑ
— Ἀφίχθη ἐξ Ἀθηνῶν ὁ γενικὸς γραμματεὺς τοῦ ὑπουργείου Βορείου Ἑλλάδος. — Συνῆλθε τὸ Δημοτικὸν Συμβούλιον. — Ἀνεχώρησεν ὁ νομάρχης διὰ περιοδείαν.
ΒΡΕΤΑΝΝΟΣ ΕΡΓΑΤΗΣ ΕΧΕΙΡΙΖΕΤΟ ΕΠΙ 27 ΕΤΗ ΜΗΧΑΝΗΜΑ ΑΧΡΗΣΤΕΥΘΕΝ ΠΡΟ ΤΟΥ 1935!
ΝΟΤΤΙΓΧΑΜ, 7. (Ρώυτερ). — Βρεταννὸς ἐργάτης ἀνεκάλυψεν ὅτι ἐπὶ 27 ἔτη ἐχειρίζετο μηχάνημα τὸ ὁποῖον εἶχεν ἀχρηστευθῆ ἤδη ἀπὸ τοῦ 1935.
